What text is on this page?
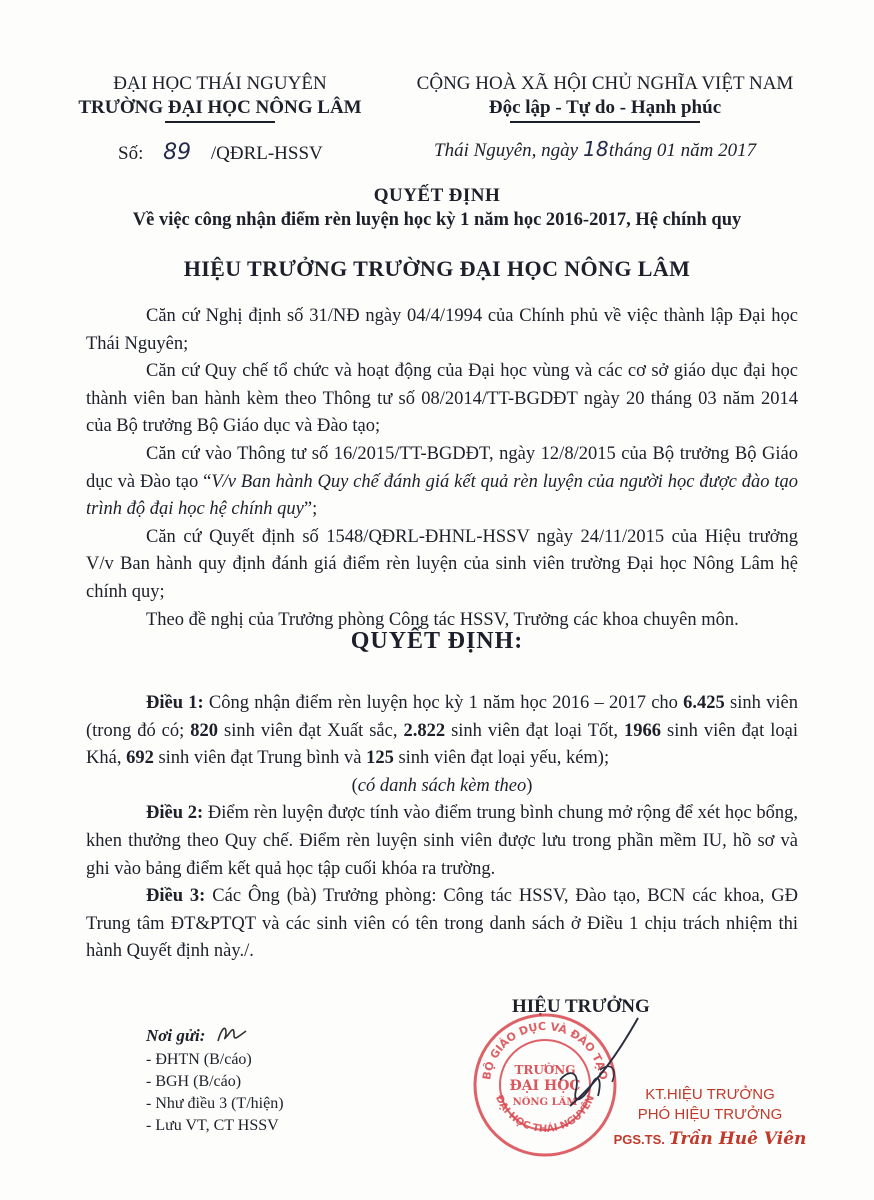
ĐẠI HỌC THÁI NGUYÊN
TRƯỜNG ĐẠI HỌC NÔNG LÂM
CỘNG HOÀ XÃ HỘI CHỦ NGHĨA VIỆT NAM
Độc lập - Tự do - Hạnh phúc
Số: 89 /QĐRL-HSSV	Thái Nguyên, ngày 18tháng 01 năm 2017
QUYẾT ĐỊNH
Về việc công nhận điểm rèn luyện học kỳ 1 năm học 2016-2017, Hệ chính quy
HIỆU TRƯỞNG TRƯỜNG ĐẠI HỌC NÔNG LÂM

Căn cứ Nghị định số 31/NĐ ngày 04/4/1994 của Chính phủ về việc thành lập Đại học Thái Nguyên;

Căn cứ Quy chế tổ chức và hoạt động của Đại học vùng và các cơ sở giáo dục đại học thành viên ban hành kèm theo Thông tư số 08/2014/TT-BGDĐT ngày 20 tháng 03 năm 2014 của Bộ trưởng Bộ Giáo dục và Đào tạo;

Căn cứ vào Thông tư số 16/2015/TT-BGDĐT, ngày 12/8/2015 của Bộ trưởng Bộ Giáo dục và Đào tạo “V/v Ban hành Quy chế đánh giá kết quả rèn luyện của người học được đào tạo trình độ đại học hệ chính quy”;

Căn cứ Quyết định số 1548/QĐRL-ĐHNL-HSSV ngày 24/11/2015 của Hiệu trưởng V/v Ban hành quy định đánh giá điểm rèn luyện của sinh viên trường Đại học Nông Lâm hệ chính quy;

Theo đề nghị của Trưởng phòng Công tác HSSV, Trưởng các khoa chuyên môn.

QUYẾT ĐỊNH:

Điều 1: Công nhận điểm rèn luyện học kỳ 1 năm học 2016 – 2017 cho 6.425 sinh viên (trong đó có; 820 sinh viên đạt Xuất sắc, 2.822 sinh viên đạt loại Tốt, 1966 sinh viên đạt loại Khá, 692 sinh viên đạt Trung bình và 125 sinh viên đạt loại yếu, kém);

(có danh sách kèm theo)

Điều 2: Điểm rèn luyện được tính vào điểm trung bình chung mở rộng để xét học bổng, khen thưởng theo Quy chế. Điểm rèn luyện sinh viên được lưu trong phần mềm IU, hồ sơ và ghi vào bảng điểm kết quả học tập cuối khóa ra trường.

Điều 3: Các Ông (bà) Trưởng phòng: Công tác HSSV, Đào tạo, BCN các khoa, GĐ Trung tâm ĐT&PTQT và các sinh viên có tên trong danh sách ở Điều 1 chịu trách nhiệm thi hành Quyết định này./.

Nơi gửi:
- ĐHTN (B/cáo)
- BGH (B/cáo)
- Như điều 3 (T/hiện)
- Lưu VT, CT HSSV
HIỆU TRƯỞNG
BỘ GIÁO DỤC VÀ ĐÀO TẠO
ĐẠI HỌC THÁI NGUYÊN
TRƯỜNG
ĐẠI HỌC
NÔNG LÂM	KT.HIỆU TRƯỞNG
PHÓ HIỆU TRƯỞNG
PGS.TS. Trần Huê Viên
